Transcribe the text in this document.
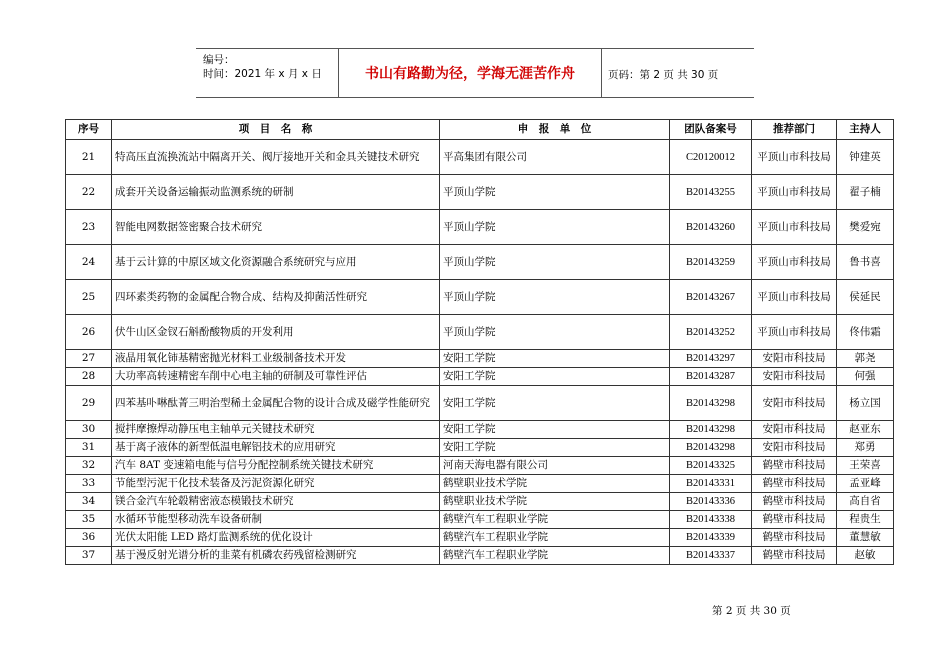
编号：
时间：2021 年 x 月 x 日	书山有路勤为径，学海无涯苦作舟	页码：第 2 页 共 30 页
序号	项　目　名　称	申　报　单　位	团队备案号	推荐部门	主持人
21	特高压直流换流站中隔离开关、阀厅接地开关和金具关键技术研究	平高集团有限公司	C20120012	平顶山市科技局	钟建英
22	成套开关设备运输振动监测系统的研制	平顶山学院	B20143255	平顶山市科技局	翟子楠
23	智能电网数据签密聚合技术研究	平顶山学院	B20143260	平顶山市科技局	樊爱宛
24	基于云计算的中原区域文化资源融合系统研究与应用	平顶山学院	B20143259	平顶山市科技局	鲁书喜
25	四环素类药物的金属配合物合成、结构及抑菌活性研究	平顶山学院	B20143267	平顶山市科技局	侯延民
26	伏牛山区金钗石斛酚酸物质的开发利用	平顶山学院	B20143252	平顶山市科技局	佟伟霜
27	液晶用氧化铈基精密抛光材料工业级制备技术开发	安阳工学院	B20143297	安阳市科技局	郭尧
28	大功率高转速精密车削中心电主轴的研制及可靠性评估	安阳工学院	B20143287	安阳市科技局	何强
29	四苯基卟啉酞菁三明治型稀土金属配合物的设计合成及磁学性能研究	安阳工学院	B20143298	安阳市科技局	杨立国
30	搅拌摩擦焊动静压电主轴单元关键技术研究	安阳工学院	B20143298	安阳市科技局	赵亚东
31	基于离子液体的新型低温电解铝技术的应用研究	安阳工学院	B20143298	安阳市科技局	郑勇
32	汽车 8AT 变速箱电能与信号分配控制系统关键技术研究	河南天海电器有限公司	B20143325	鹤壁市科技局	王荣喜
33	节能型污泥干化技术装备及污泥资源化研究	鹤壁职业技术学院	B20143331	鹤壁市科技局	孟亚峰
34	镁合金汽车轮毂精密液态模锻技术研究	鹤壁职业技术学院	B20143336	鹤壁市科技局	高自省
35	水循环节能型移动洗车设备研制	鹤壁汽车工程职业学院	B20143338	鹤壁市科技局	程贵生
36	光伏太阳能 LED 路灯监测系统的优化设计	鹤壁汽车工程职业学院	B20143339	鹤壁市科技局	董慧敏
37	基于漫反射光谱分析的韭菜有机磷农药残留检测研究	鹤壁汽车工程职业学院	B20143337	鹤壁市科技局	赵敏
第 2 页 共 30 页
